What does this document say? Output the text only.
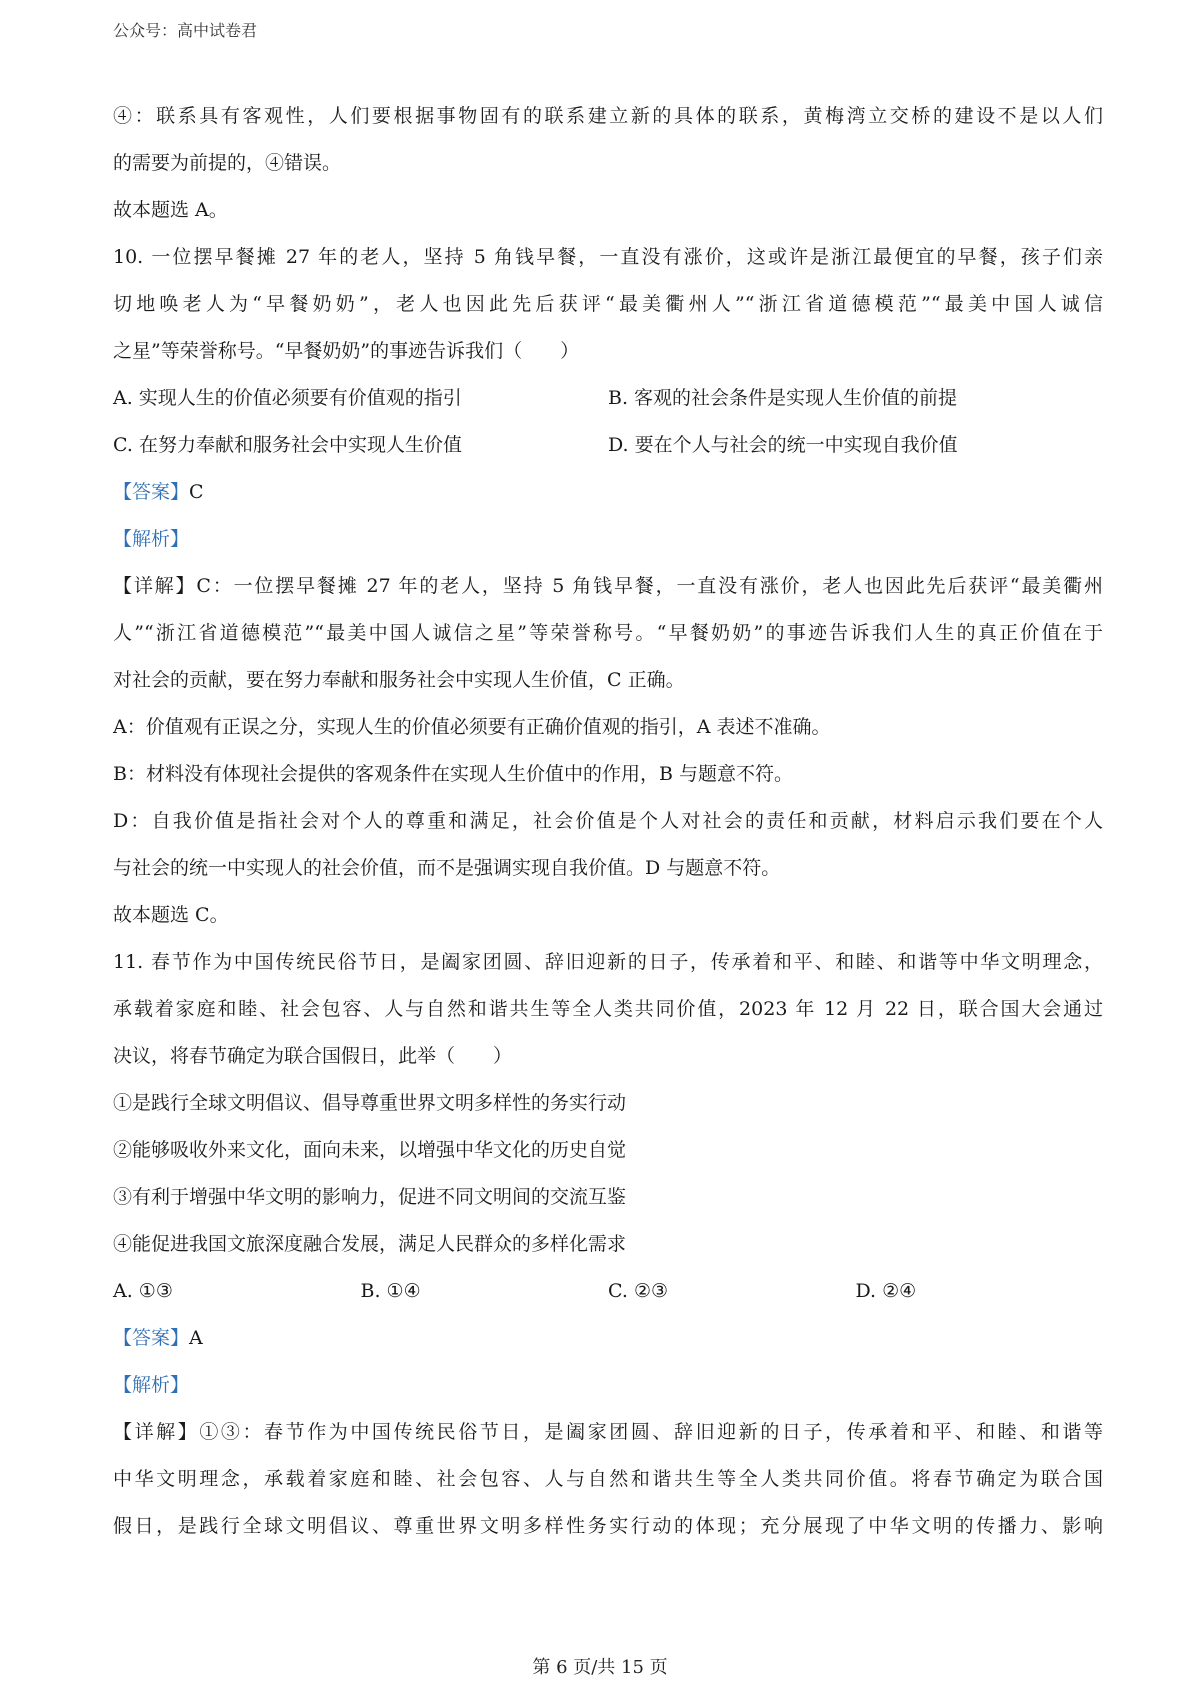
公众号：高中试卷君
④：联系具有客观性，人们要根据事物固有的联系建立新的具体的联系，黄梅湾立交桥的建设不是以人们
的需要为前提的，④错误。
故本题选 A。
10. 一位摆早餐摊 27 年的老人，坚持 5 角钱早餐，一直没有涨价，这或许是浙江最便宜的早餐，孩子们亲
切地唤老人为“早餐奶奶”，老人也因此先后获评“最美衢州人”“浙江省道德模范”“最美中国人诚信
之星”等荣誉称号。“早餐奶奶”的事迹告诉我们（　　）
A. 实现人生的价值必须要有价值观的指引	B. 客观的社会条件是实现人生价值的前提
C. 在努力奉献和服务社会中实现人生价值	D. 要在个人与社会的统一中实现自我价值
【答案】C
【解析】
【详解】C：一位摆早餐摊 27 年的老人，坚持 5 角钱早餐，一直没有涨价，老人也因此先后获评“最美衢州
人”“浙江省道德模范”“最美中国人诚信之星”等荣誉称号。“早餐奶奶”的事迹告诉我们人生的真正价值在于
对社会的贡献，要在努力奉献和服务社会中实现人生价值，C 正确。
A：价值观有正误之分，实现人生的价值必须要有正确价值观的指引，A 表述不准确。
B：材料没有体现社会提供的客观条件在实现人生价值中的作用，B 与题意不符。
D：自我价值是指社会对个人的尊重和满足，社会价值是个人对社会的责任和贡献，材料启示我们要在个人
与社会的统一中实现人的社会价值，而不是强调实现自我价值。D 与题意不符。
故本题选 C。
11. 春节作为中国传统民俗节日，是阖家团圆、辞旧迎新的日子，传承着和平、和睦、和谐等中华文明理念，
承载着家庭和睦、社会包容、人与自然和谐共生等全人类共同价值，2023 年 12 月 22 日，联合国大会通过
决议，将春节确定为联合国假日，此举（　　）
①是践行全球文明倡议、倡导尊重世界文明多样性的务实行动
②能够吸收外来文化，面向未来，以增强中华文化的历史自觉
③有利于增强中华文明的影响力，促进不同文明间的交流互鉴
④能促进我国文旅深度融合发展，满足人民群众的多样化需求
A. ①③	B. ①④	C. ②③	D. ②④
【答案】A
【解析】
【详解】①③：春节作为中国传统民俗节日，是阖家团圆、辞旧迎新的日子，传承着和平、和睦、和谐等
中华文明理念，承载着家庭和睦、社会包容、人与自然和谐共生等全人类共同价值。将春节确定为联合国
假日，是践行全球文明倡议、尊重世界文明多样性务实行动的体现；充分展现了中华文明的传播力、影响
第 6 页/共 15 页
